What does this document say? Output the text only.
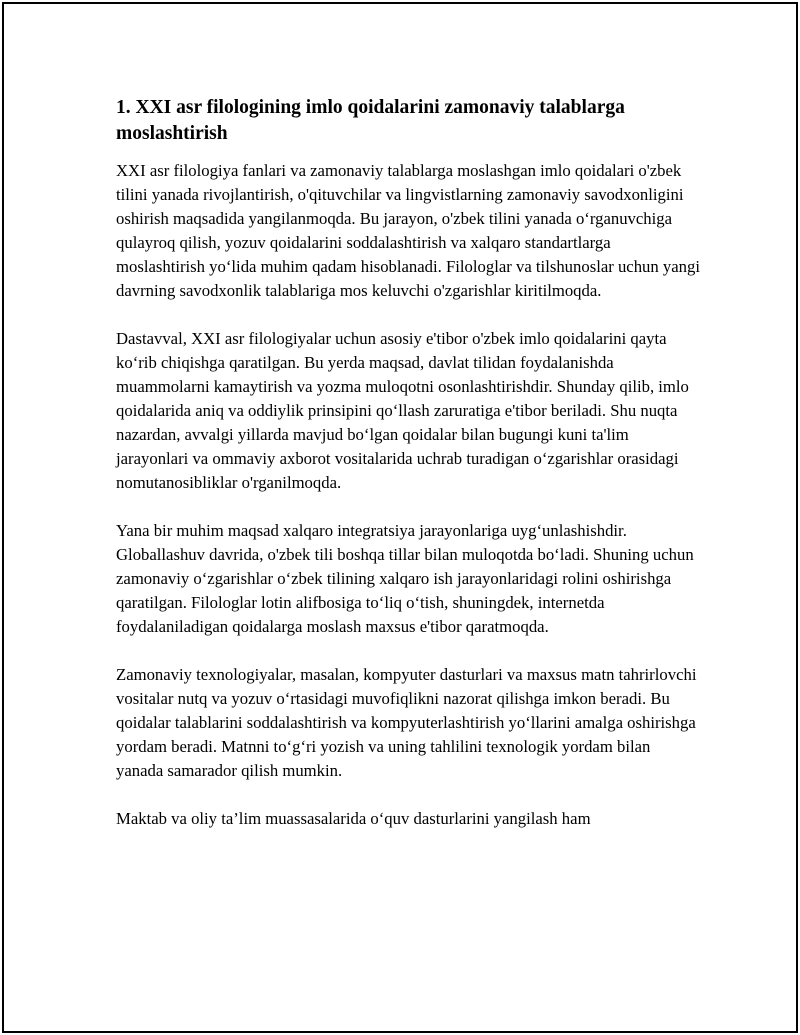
1. XXI asr filologining imlo qoidalarini zamonaviy talablarga moslashtirish

XXI asr filologiya fanlari va zamonaviy talablarga moslashgan imlo qoidalari o'zbek tilini yanada rivojlantirish, o'qituvchilar va lingvistlarning zamonaviy savodxonligini oshirish maqsadida yangilanmoqda. Bu jarayon, o'zbek tilini yanada o‘rganuvchiga qulayroq qilish, yozuv qoidalarini soddalashtirish va xalqaro standartlarga moslashtirish yo‘lida muhim qadam hisoblanadi. Filologlar va tilshunoslar uchun yangi davrning savodxonlik talablariga mos keluvchi o'zgarishlar kiritilmoqda.

Dastavval, XXI asr filologiyalar uchun asosiy e'tibor o'zbek imlo qoidalarini qayta ko‘rib chiqishga qaratilgan. Bu yerda maqsad, davlat tilidan foydalanishda muammolarni kamaytirish va yozma muloqotni osonlashtirishdir. Shunday qilib, imlo qoidalarida aniq va oddiylik prinsipini qo‘llash zaruratiga e'tibor beriladi. Shu nuqta nazardan, avvalgi yillarda mavjud bo‘lgan qoidalar bilan bugungi kuni ta'lim jarayonlari va ommaviy axborot vositalarida uchrab turadigan o‘zgarishlar orasidagi nomutanosibliklar o'rganilmoqda.

Yana bir muhim maqsad xalqaro integratsiya jarayonlariga uyg‘unlashishdir. Globallashuv davrida, o'zbek tili boshqa tillar bilan muloqotda bo‘ladi. Shuning uchun zamonaviy o‘zgarishlar o‘zbek tilining xalqaro ish jarayonlaridagi rolini oshirishga qaratilgan. Filologlar lotin alifbosiga to‘liq o‘tish, shuningdek, internetda foydalaniladigan qoidalarga moslash maxsus e'tibor qaratmoqda.

Zamonaviy texnologiyalar, masalan, kompyuter dasturlari va maxsus matn tahrirlovchi vositalar nutq va yozuv o‘rtasidagi muvofiqlikni nazorat qilishga imkon beradi. Bu qoidalar talablarini soddalashtirish va kompyuterlashtirish yo‘llarini amalga oshirishga yordam beradi. Matnni to‘g‘ri yozish va uning tahlilini texnologik yordam bilan yanada samarador qilish mumkin.

Maktab va oliy ta’lim muassasalarida o‘quv dasturlarini yangilash ham
